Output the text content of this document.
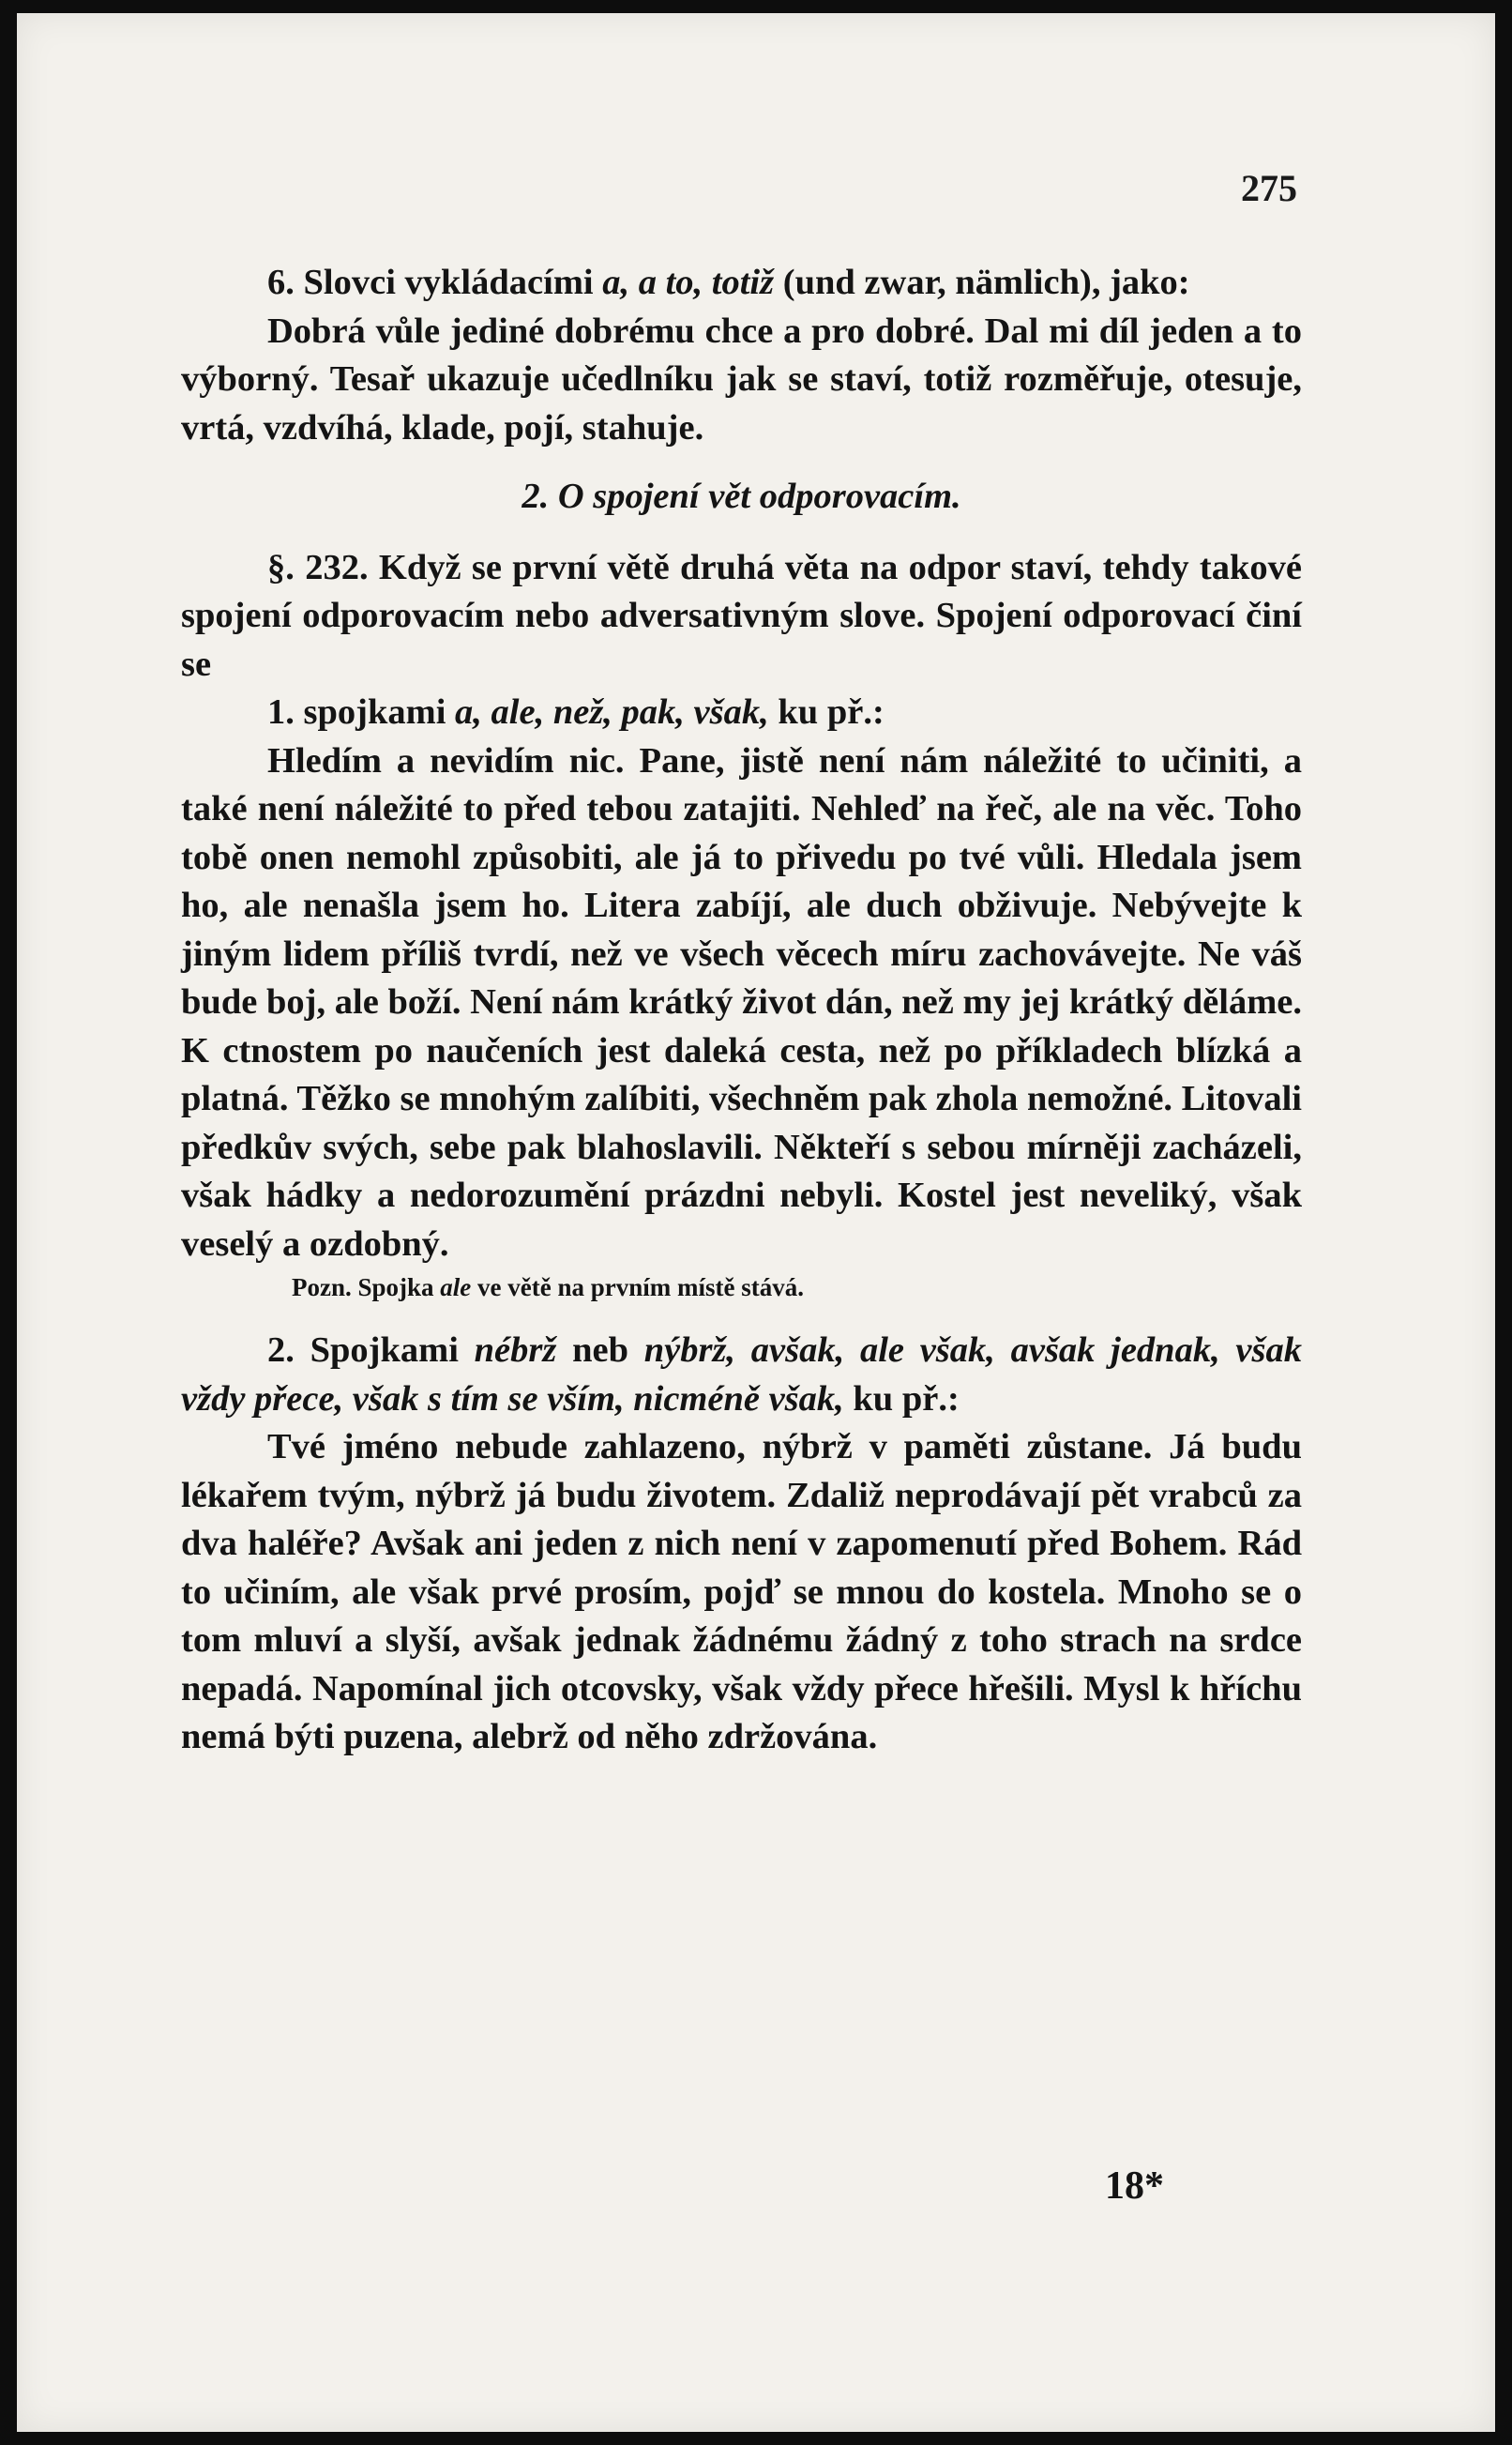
275

6. Slovci vykládacími a, a to, totiž (und zwar, nämlich), jako:

Dobrá vůle jediné dobrému chce a pro dobré. Dal mi díl jeden a to výborný. Tesař ukazuje učedlníku jak se staví, totiž rozměřuje, otesuje, vrtá, vzdvíhá, klade, pojí, stahuje.

2. O spojení vět odporovacím.

§. 232. Když se první větě druhá věta na odpor staví, tehdy takové spojení odporovacím nebo adversativným slove. Spojení odporovací činí se

1. spojkami a, ale, než, pak, však, ku př.:

Hledím a nevidím nic. Pane, jistě není nám náležité to učiniti, a také není náležité to před tebou zatajiti. Nehleď na řeč, ale na věc. Toho tobě onen nemohl způsobiti, ale já to přivedu po tvé vůli. Hledala jsem ho, ale nenašla jsem ho. Litera zabíjí, ale duch obživuje. Nebývejte k jiným lidem příliš tvrdí, než ve všech věcech míru zachovávejte. Ne váš bude boj, ale boží. Není nám krátký život dán, než my jej krátký děláme. K ctnostem po naučeních jest daleká cesta, než po příkladech blízká a platná. Těžko se mnohým zalíbiti, všechněm pak zhola nemožné. Litovali předkův svých, sebe pak blahoslavili. Někteří s sebou mírněji zacházeli, však hádky a nedorozumění prázdni nebyli. Kostel jest neveliký, však veselý a ozdobný.

Pozn. Spojka ale ve větě na prvním místě stává.

2. Spojkami nébrž neb nýbrž, avšak, ale však, avšak jednak, však vždy přece, však s tím se vším, nicméně však, ku př.:

Tvé jméno nebude zahlazeno, nýbrž v paměti zůstane. Já budu lékařem tvým, nýbrž já budu životem. Zdaliž neprodávají pět vrabců za dva haléře? Avšak ani jeden z nich není v zapomenutí před Bohem. Rád to učiním, ale však prvé prosím, pojď se mnou do kostela. Mnoho se o tom mluví a slyší, avšak jednak žádnému žádný z toho strach na srdce nepadá. Napomínal jich otcovsky, však vždy přece hřešili. Mysl k hříchu nemá býti puzena, alebrž od něho zdržována.

18*
